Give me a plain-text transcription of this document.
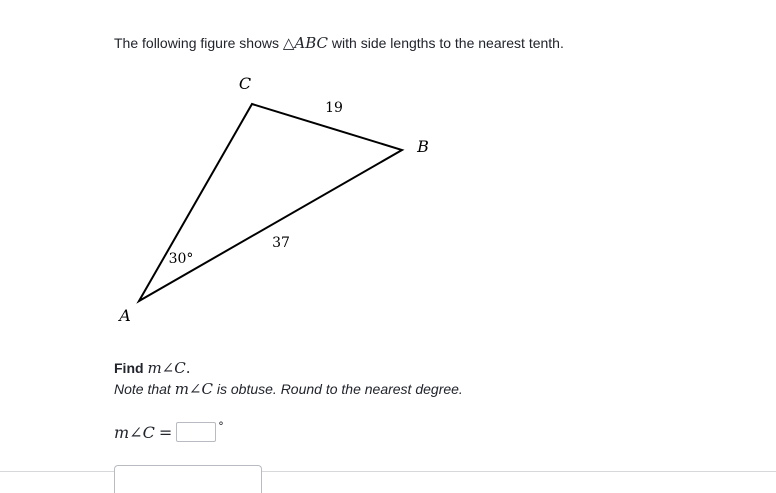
The following figure shows △ABC with side lengths to the nearest tenth.
C
B
A
19
37
30°
Find m∠C.
Note that m∠C is obtuse. Round to the nearest degree.
m∠C =	°
